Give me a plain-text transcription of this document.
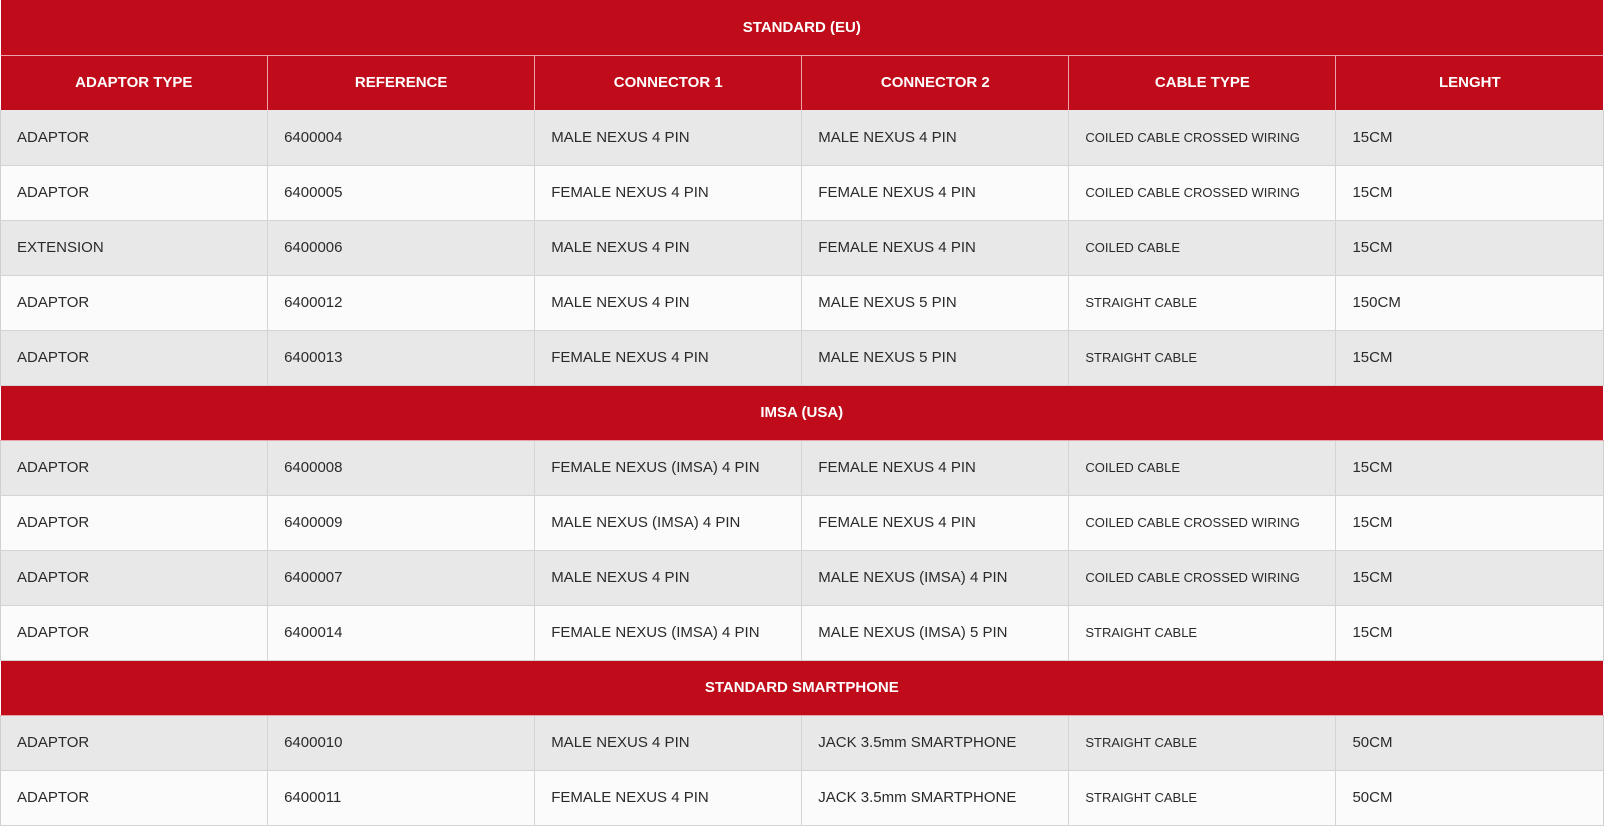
STANDARD (EU)					
ADAPTOR TYPE	REFERENCE	CONNECTOR 1	CONNECTOR 2	CABLE TYPE	LENGHT
ADAPTOR	6400004	MALE NEXUS 4 PIN	MALE NEXUS 4 PIN	COILED CABLE CROSSED WIRING	15CM
ADAPTOR	6400005	FEMALE NEXUS 4 PIN	FEMALE NEXUS 4 PIN	COILED CABLE CROSSED WIRING	15CM
EXTENSION	6400006	MALE NEXUS 4 PIN	FEMALE NEXUS 4 PIN	COILED CABLE	15CM
ADAPTOR	6400012	MALE NEXUS 4 PIN	MALE NEXUS 5 PIN	STRAIGHT CABLE	150CM
ADAPTOR	6400013	FEMALE NEXUS 4 PIN	MALE NEXUS 5 PIN	STRAIGHT CABLE	15CM
IMSA (USA)					
ADAPTOR	6400008	FEMALE NEXUS (IMSA) 4 PIN	FEMALE NEXUS 4 PIN	COILED CABLE	15CM
ADAPTOR	6400009	MALE NEXUS (IMSA) 4 PIN	FEMALE NEXUS 4 PIN	COILED CABLE CROSSED WIRING	15CM
ADAPTOR	6400007	MALE NEXUS 4 PIN	MALE NEXUS (IMSA) 4 PIN	COILED CABLE CROSSED WIRING	15CM
ADAPTOR	6400014	FEMALE NEXUS (IMSA) 4 PIN	MALE NEXUS (IMSA) 5 PIN	STRAIGHT CABLE	15CM
STANDARD SMARTPHONE					
ADAPTOR	6400010	MALE NEXUS 4 PIN	JACK 3.5mm SMARTPHONE	STRAIGHT CABLE	50CM
ADAPTOR	6400011	FEMALE NEXUS 4 PIN	JACK 3.5mm SMARTPHONE	STRAIGHT CABLE	50CM
